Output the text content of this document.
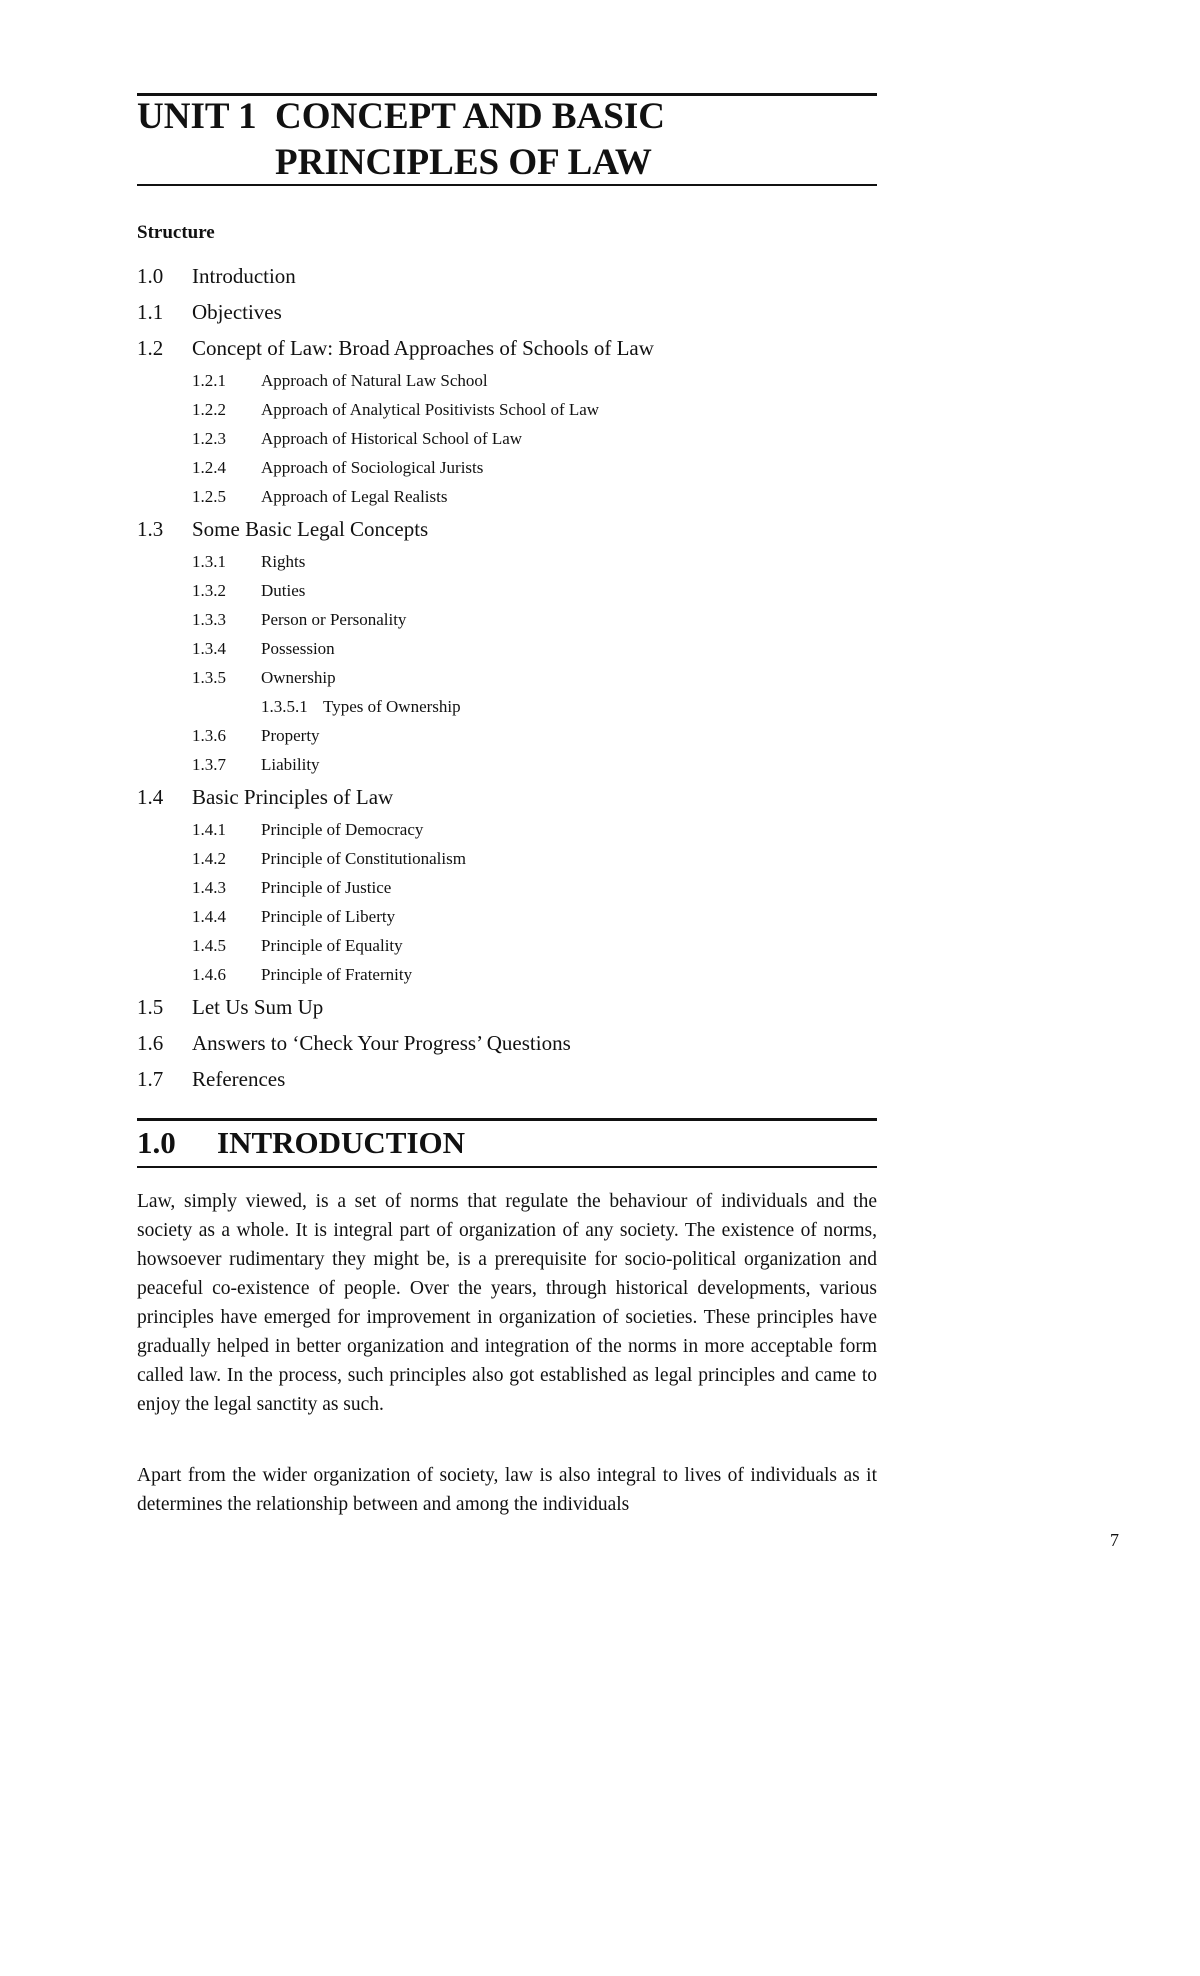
UNIT 1 CONCEPT AND BASIC PRINCIPLES OF LAW
Structure
1.0 Introduction
1.1 Objectives
1.2 Concept of Law: Broad Approaches of Schools of Law
1.2.1 Approach of Natural Law School
1.2.2 Approach of Analytical Positivists School of Law
1.2.3 Approach of Historical School of Law
1.2.4 Approach of Sociological Jurists
1.2.5 Approach of Legal Realists
1.3 Some Basic Legal Concepts
1.3.1 Rights
1.3.2 Duties
1.3.3 Person or Personality
1.3.4 Possession
1.3.5 Ownership
1.3.5.1 Types of Ownership
1.3.6 Property
1.3.7 Liability
1.4 Basic Principles of Law
1.4.1 Principle of Democracy
1.4.2 Principle of Constitutionalism
1.4.3 Principle of Justice
1.4.4 Principle of Liberty
1.4.5 Principle of Equality
1.4.6 Principle of Fraternity
1.5 Let Us Sum Up
1.6 Answers to ‘Check Your Progress’ Questions
1.7 References
1.0 INTRODUCTION

Law, simply viewed, is a set of norms that regulate the behaviour of individuals and the society as a whole. It is integral part of organization of any society. The existence of norms, howsoever rudimentary they might be, is a prerequisite for socio-political organization and peaceful co-existence of people. Over the years, through historical developments, various principles have emerged for improvement in organization of societies. These principles have gradually helped in better organization and integration of the norms in more acceptable form called law. In the process, such principles also got established as legal principles and came to enjoy the legal sanctity as such.

Apart from the wider organization of society, law is also integral to lives of individuals as it determines the relationship between and among the individuals

7
